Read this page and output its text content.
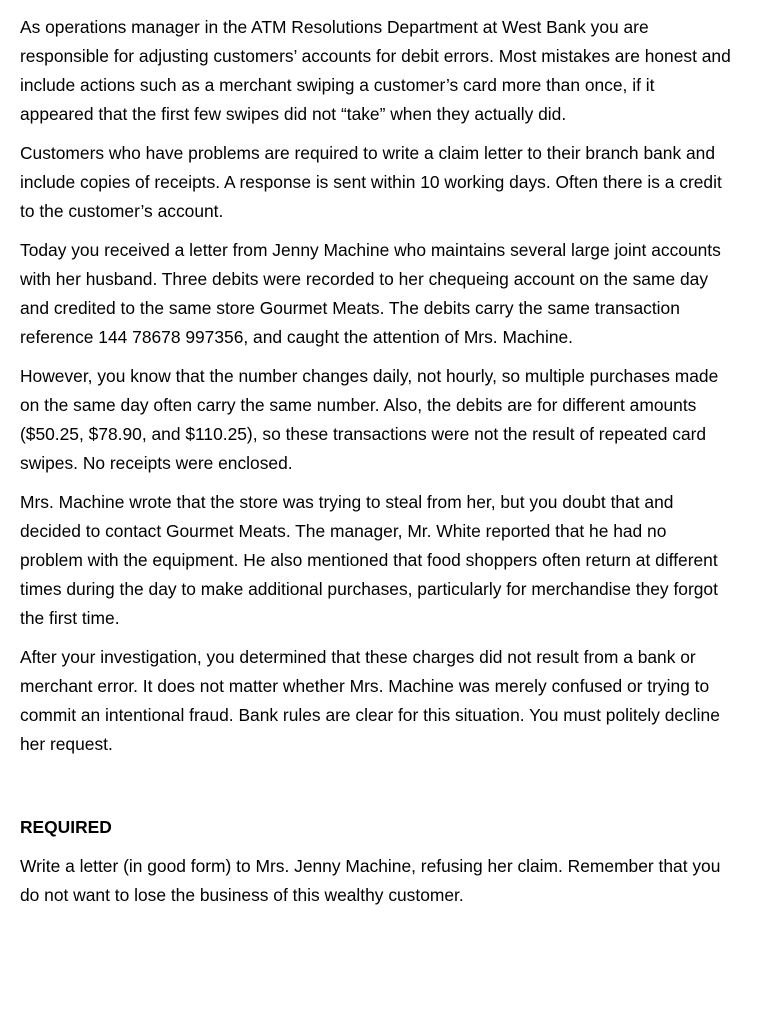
As operations manager in the ATM Resolutions Department at West Bank you are responsible for adjusting customers’ accounts for debit errors. Most mistakes are honest and include actions such as a merchant swiping a customer’s card more than once, if it appeared that the first few swipes did not “take” when they actually did.

Customers who have problems are required to write a claim letter to their branch bank and include copies of receipts. A response is sent within 10 working days. Often there is a credit to the customer’s account.

Today you received a letter from Jenny Machine who maintains several large joint accounts with her husband. Three debits were recorded to her chequeing account on the same day and credited to the same store Gourmet Meats. The debits carry the same transaction reference 144 78678 997356, and caught the attention of Mrs. Machine.

However, you know that the number changes daily, not hourly, so multiple purchases made on the same day often carry the same number. Also, the debits are for different amounts ($50.25, $78.90, and $110.25), so these transactions were not the result of repeated card swipes. No receipts were enclosed.

Mrs. Machine wrote that the store was trying to steal from her, but you doubt that and decided to contact Gourmet Meats. The manager, Mr. White reported that he had no problem with the equipment. He also mentioned that food shoppers often return at different times during the day to make additional purchases, particularly for merchandise they forgot the first time.

After your investigation, you determined that these charges did not result from a bank or merchant error. It does not matter whether Mrs. Machine was merely confused or trying to commit an intentional fraud. Bank rules are clear for this situation. You must politely decline her request.

REQUIRED

Write a letter (in good form) to Mrs. Jenny Machine, refusing her claim. Remember that you do not want to lose the business of this wealthy customer.
